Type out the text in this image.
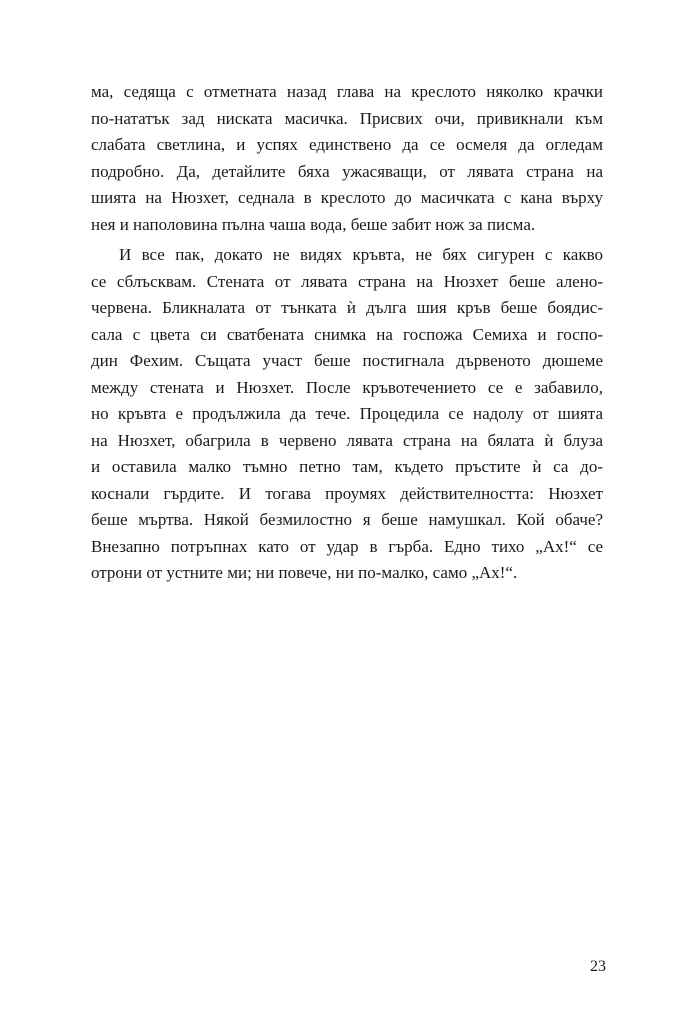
ма, седяща с отметната назад глава на креслото няколко крачки
по-нататък зад ниската масичка. Присвих очи, привикнали към
слабата светлина, и успях единствено да се осмеля да огледам
подробно. Да, детайлите бяха ужасяващи, от лявата страна на
шията на Нюзхет, седнала в креслото до масичката с кана върху
нея и наполовина пълна чаша вода, беше забит нож за писма.

И все пак, докато не видях кръвта, не бях сигурен с какво
се сблъсквам. Стената от лявата страна на Нюзхет беше алено-
червена. Бликналата от тънката ѝ дълга шия кръв беше боядис-
сала с цвета си сватбената снимка на госпожа Семиха и госпо-
дин Фехим. Същата участ беше постигнала дървеното дюшеме
между стената и Нюзхет. После кръвотечението се е забавило,
но кръвта е продължила да тече. Процедила се надолу от шията
на Нюзхет, обагрила в червено лявата страна на бялата ѝ блуза
и оставила малко тъмно петно там, където пръстите ѝ са до-
коснали гърдите. И тогава проумях действителността: Нюзхет
беше мъртва. Някой безмилостно я беше намушкал. Кой обаче?
Внезапно потръпнах като от удар в гърба. Едно тихо „Ах!“ се
отрони от устните ми; ни повече, ни по-малко, само „Ах!“.

23
